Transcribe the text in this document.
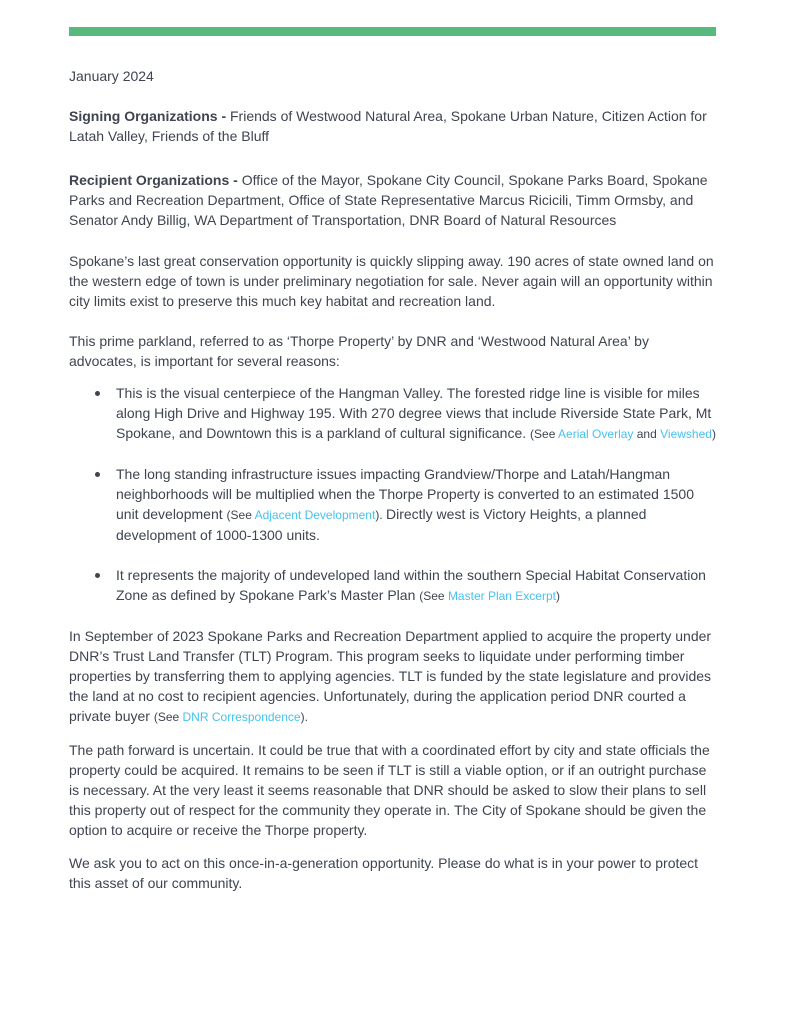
January 2024

Signing Organizations - Friends of Westwood Natural Area, Spokane Urban Nature, Citizen Action for Latah Valley, Friends of the Bluff

Recipient Organizations - Office of the Mayor, Spokane City Council, Spokane Parks Board, Spokane Parks and Recreation Department, Office of State Representative Marcus Ricicili, Timm Ormsby, and Senator Andy Billig, WA Department of Transportation, DNR Board of Natural Resources

Spokane’s last great conservation opportunity is quickly slipping away. 190 acres of state owned land on the western edge of town is under preliminary negotiation for sale. Never again will an opportunity within city limits exist to preserve this much key habitat and recreation land.

This prime parkland, referred to as ‘Thorpe Property’ by DNR and ‘Westwood Natural Area’ by advocates, is important for several reasons:

This is the visual centerpiece of the Hangman Valley. The forested ridge line is visible for miles along High Drive and Highway 195. With 270 degree views that include Riverside State Park, Mt Spokane, and Downtown this is a parkland of cultural significance. (See Aerial Overlay and Viewshed)
The long standing infrastructure issues impacting Grandview/Thorpe and Latah/Hangman neighborhoods will be multiplied when the Thorpe Property is converted to an estimated 1500 unit development (See Adjacent Development). Directly west is Victory Heights, a planned development of 1000-1300 units.
It represents the majority of undeveloped land within the southern Special Habitat Conservation Zone as defined by Spokane Park’s Master Plan (See Master Plan Excerpt)

In September of 2023 Spokane Parks and Recreation Department applied to acquire the property under DNR’s Trust Land Transfer (TLT) Program. This program seeks to liquidate under performing timber properties by transferring them to applying agencies. TLT is funded by the state legislature and provides the land at no cost to recipient agencies. Unfortunately, during the application period DNR courted a private buyer (See DNR Correspondence).

The path forward is uncertain. It could be true that with a coordinated effort by city and state officials the property could be acquired. It remains to be seen if TLT is still a viable option, or if an outright purchase is necessary. At the very least it seems reasonable that DNR should be asked to slow their plans to sell this property out of respect for the community they operate in. The City of Spokane should be given the option to acquire or receive the Thorpe property.

We ask you to act on this once-in-a-generation opportunity. Please do what is in your power to protect this asset of our community.
